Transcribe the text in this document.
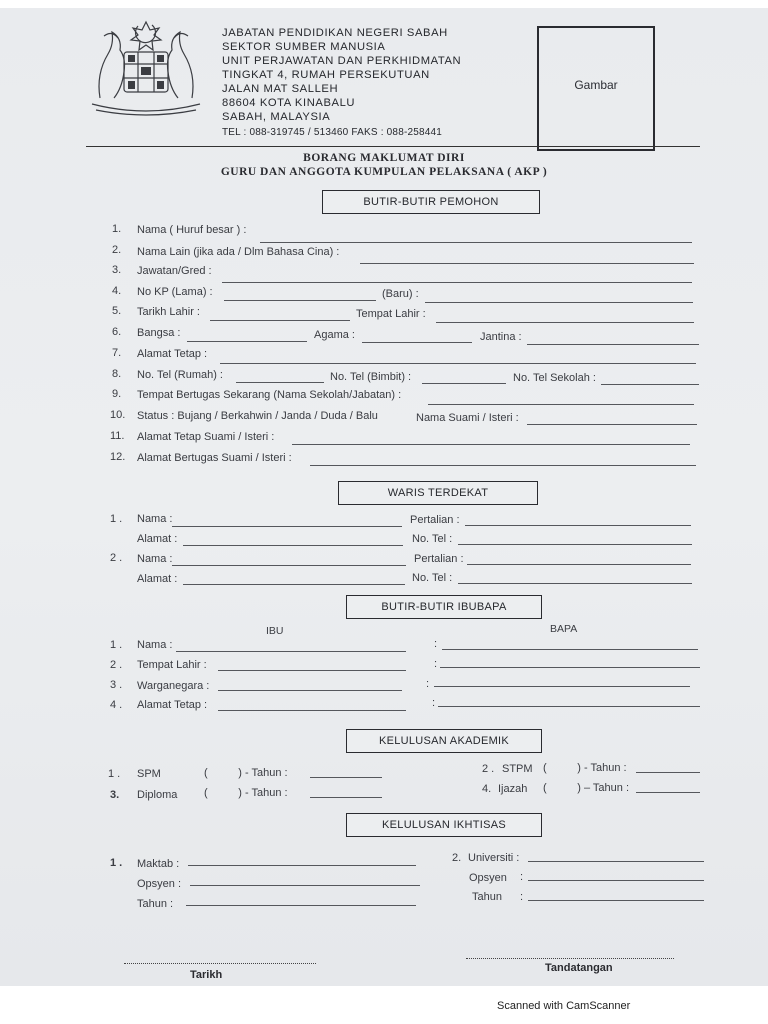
JABATAN PENDIDIKAN NEGERI SABAH
SEKTOR SUMBER MANUSIA
UNIT PERJAWATAN DAN PERKHIDMATAN
TINGKAT 4, RUMAH PERSEKUTUAN
JALAN MAT SALLEH
88604 KOTA KINABALU
SABAH, MALAYSIA
TEL : 088-319745 / 513460 FAKS : 088-258441
Gambar
BORANG MAKLUMAT DIRI
GURU DAN ANGGOTA KUMPULAN PELAKSANA ( AKP )
BUTIR-BUTIR PEMOHON
1. Nama ( Huruf besar ) :
2. Nama Lain (jika ada / Dlm Bahasa Cina) :
3. Jawatan/Gred :
4. No KP (Lama) :	(Baru) :
5. Tarikh Lahir :	Tempat Lahir :
6. Bangsa :	Agama :	Jantina :
7. Alamat Tetap :
8. No. Tel (Rumah) :	No. Tel (Bimbit) :	No. Tel Sekolah :
9. Tempat Bertugas Sekarang (Nama Sekolah/Jabatan) :
10. Status : Bujang / Berkahwin / Janda / Duda / Balu	Nama Suami / Isteri :
11. Alamat Tetap Suami / Isteri :
12. Alamat Bertugas Suami / Isteri :
WARIS TERDEKAT
1 . Nama :	Pertalian :
Alamat :	No. Tel :
2 . Nama :	Pertalian :
Alamat :	No. Tel :
BUTIR-BUTIR IBUBAPA
IBU	BAPA
1 . Nama :	:
2 . Tempat Lahir :	:
3 . Warganegara :	:
4 . Alamat Tetap :	:
KELULUSAN AKADEMIK
1 . SPM	(          ) - Tahun :	2 . STPM (          ) - Tahun :
3. Diploma (          ) - Tahun :	4. Ijazah (          ) – Tahun :
KELULUSAN IKHTISAS
1 . Maktab :
Opsyen :
Tahun :
2. Universiti :
Opsyen :
Tahun :
Tarikh
Tandatangan
Scanned with CamScanner
